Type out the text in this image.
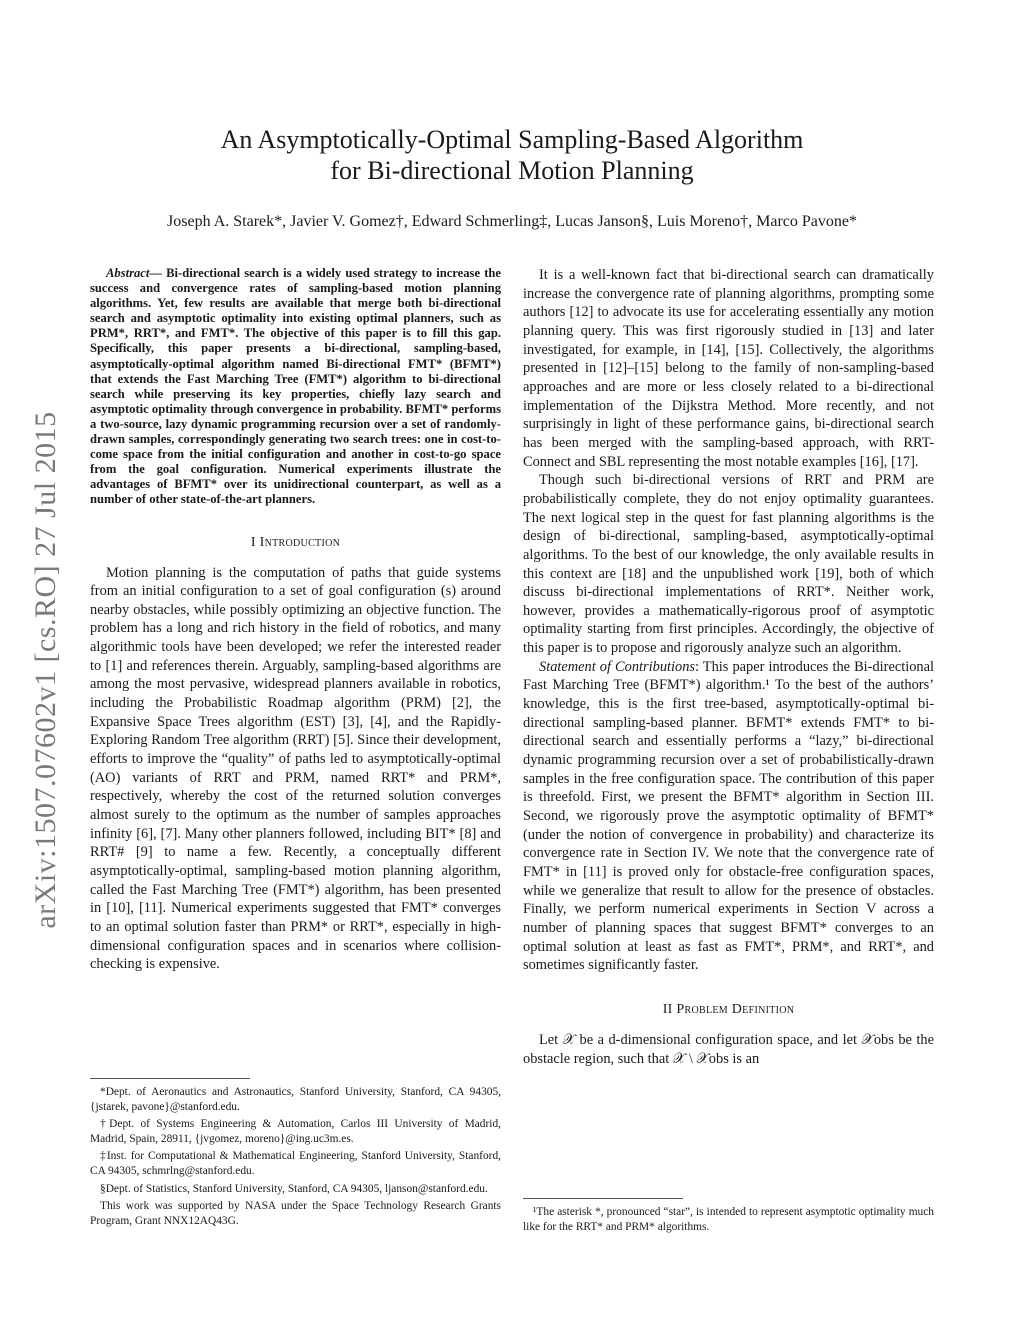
arXiv:1507.07602v1 [cs.RO] 27 Jul 2015
An Asymptotically-Optimal Sampling-Based Algorithm
for Bi-directional Motion Planning
Joseph A. Starek*, Javier V. Gomez†, Edward Schmerling‡, Lucas Janson§, Luis Moreno†, Marco Pavone*

Abstract— Bi-directional search is a widely used strategy to increase the success and convergence rates of sampling-based motion planning algorithms. Yet, few results are available that merge both bi-directional search and asymptotic optimality into existing optimal planners, such as PRM*, RRT*, and FMT*. The objective of this paper is to fill this gap. Specifically, this paper presents a bi-directional, sampling-based, asymptotically-optimal algorithm named Bi-directional FMT* (BFMT*) that extends the Fast Marching Tree (FMT*) algorithm to bi-directional search while preserving its key properties, chiefly lazy search and asymptotic optimality through convergence in probability. BFMT* performs a two-source, lazy dynamic programming recursion over a set of randomly-drawn samples, correspondingly generating two search trees: one in cost-to-come space from the initial configuration and another in cost-to-go space from the goal configuration. Numerical experiments illustrate the advantages of BFMT* over its unidirectional counterpart, as well as a number of other state-of-the-art planners.

I Introduction

Motion planning is the computation of paths that guide systems from an initial configuration to a set of goal configuration (s) around nearby obstacles, while possibly optimizing an objective function. The problem has a long and rich history in the field of robotics, and many algorithmic tools have been developed; we refer the interested reader to [1] and references therein. Arguably, sampling-based algorithms are among the most pervasive, widespread planners available in robotics, including the Probabilistic Roadmap algorithm (PRM) [2], the Expansive Space Trees algorithm (EST) [3], [4], and the Rapidly-Exploring Random Tree algorithm (RRT) [5]. Since their development, efforts to improve the “quality” of paths led to asymptotically-optimal (AO) variants of RRT and PRM, named RRT* and PRM*, respectively, whereby the cost of the returned solution converges almost surely to the optimum as the number of samples approaches infinity [6], [7]. Many other planners followed, including BIT* [8] and RRT# [9] to name a few. Recently, a conceptually different asymptotically-optimal, sampling-based motion planning algorithm, called the Fast Marching Tree (FMT*) algorithm, has been presented in [10], [11]. Numerical experiments suggested that FMT* converges to an optimal solution faster than PRM* or RRT*, especially in high-dimensional configuration spaces and in scenarios where collision-checking is expensive.

*Dept. of Aeronautics and Astronautics, Stanford University, Stanford, CA 94305, {jstarek, pavone}@stanford.edu.

†Dept. of Systems Engineering & Automation, Carlos III University of Madrid, Madrid, Spain, 28911, {jvgomez, moreno}@ing.uc3m.es.

‡Inst. for Computational & Mathematical Engineering, Stanford University, Stanford, CA 94305, schmrlng@stanford.edu.

§Dept. of Statistics, Stanford University, Stanford, CA 94305, ljanson@stanford.edu.

This work was supported by NASA under the Space Technology Research Grants Program, Grant NNX12AQ43G.

It is a well-known fact that bi-directional search can dramatically increase the convergence rate of planning algorithms, prompting some authors [12] to advocate its use for accelerating essentially any motion planning query. This was first rigorously studied in [13] and later investigated, for example, in [14], [15]. Collectively, the algorithms presented in [12]–[15] belong to the family of non-sampling-based approaches and are more or less closely related to a bi-directional implementation of the Dijkstra Method. More recently, and not surprisingly in light of these performance gains, bi-directional search has been merged with the sampling-based approach, with RRT-Connect and SBL representing the most notable examples [16], [17].

Though such bi-directional versions of RRT and PRM are probabilistically complete, they do not enjoy optimality guarantees. The next logical step in the quest for fast planning algorithms is the design of bi-directional, sampling-based, asymptotically-optimal algorithms. To the best of our knowledge, the only available results in this context are [18] and the unpublished work [19], both of which discuss bi-directional implementations of RRT*. Neither work, however, provides a mathematically-rigorous proof of asymptotic optimality starting from first principles. Accordingly, the objective of this paper is to propose and rigorously analyze such an algorithm.

Statement of Contributions: This paper introduces the Bi-directional Fast Marching Tree (BFMT*) algorithm.¹ To the best of the authors’ knowledge, this is the first tree-based, asymptotically-optimal bi-directional sampling-based planner. BFMT* extends FMT* to bi-directional search and essentially performs a “lazy,” bi-directional dynamic programming recursion over a set of probabilistically-drawn samples in the free configuration space. The contribution of this paper is threefold. First, we present the BFMT* algorithm in Section III. Second, we rigorously prove the asymptotic optimality of BFMT* (under the notion of convergence in probability) and characterize its convergence rate in Section IV. We note that the convergence rate of FMT* in [11] is proved only for obstacle-free configuration spaces, while we generalize that result to allow for the presence of obstacles. Finally, we perform numerical experiments in Section V across a number of planning spaces that suggest BFMT* converges to an optimal solution at least as fast as FMT*, PRM*, and RRT*, and sometimes significantly faster.

II Problem Definition

Let 𝒳 be a d-dimensional configuration space, and let 𝒳obs be the obstacle region, such that 𝒳 \ 𝒳obs is an

¹The asterisk *, pronounced “star”, is intended to represent asymptotic optimality much like for the RRT* and PRM* algorithms.
